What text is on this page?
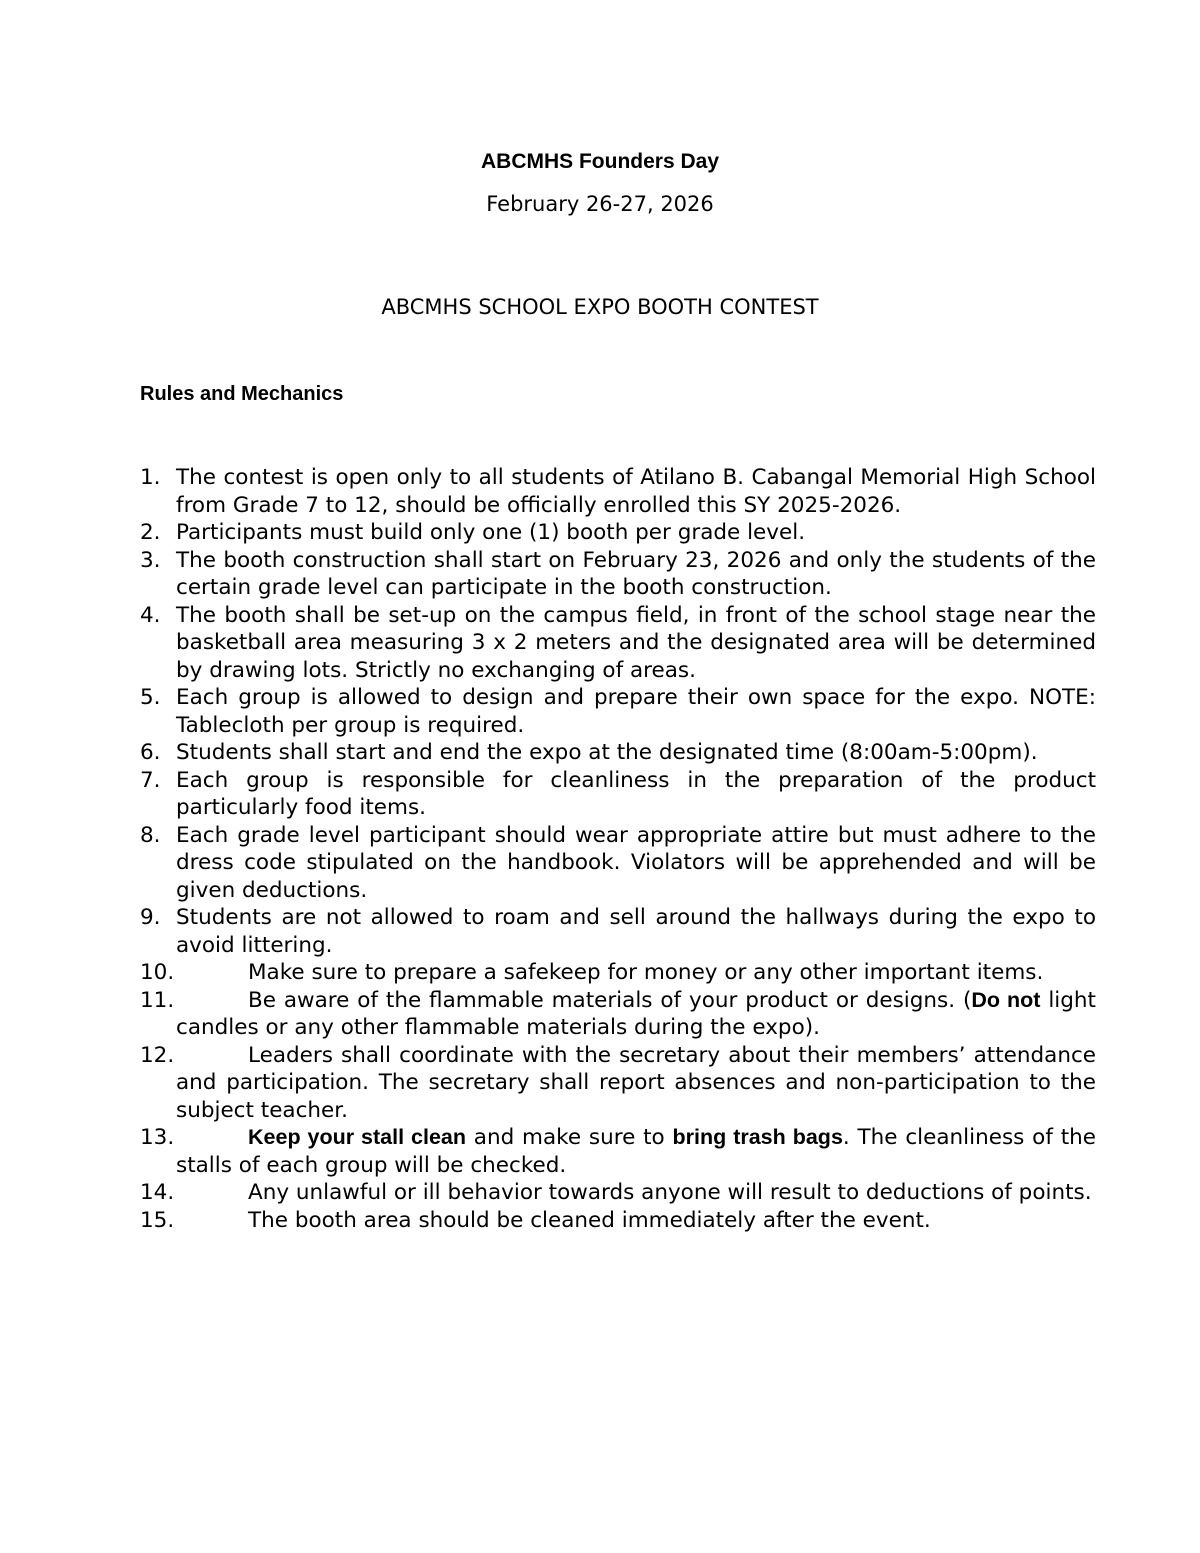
ABCMHS Founders Day
February 26-27, 2026
ABCMHS SCHOOL EXPO BOOTH CONTEST
Rules and Mechanics
1. The contest is open only to all students of Atilano B. Cabangal Memorial High School from Grade 7 to 12, should be officially enrolled this SY 2025-2026.
2. Participants must build only one (1) booth per grade level.
3. The booth construction shall start on February 23, 2026 and only the students of the certain grade level can participate in the booth construction.
4. The booth shall be set-up on the campus field, in front of the school stage near the basketball area measuring 3 x 2 meters and the designated area will be determined by drawing lots. Strictly no exchanging of areas.
5. Each group is allowed to design and prepare their own space for the expo. NOTE: Tablecloth per group is required.
6. Students shall start and end the expo at the designated time (8:00am-5:00pm).
7. Each group is responsible for cleanliness in the preparation of the product particularly food items.
8. Each grade level participant should wear appropriate attire but must adhere to the dress code stipulated on the handbook. Violators will be apprehended and will be given deductions.
9. Students are not allowed to roam and sell around the hallways during the expo to avoid littering.
10.	Make sure to prepare a safekeep for money or any other important items.
11.	Be aware of the flammable materials of your product or designs. (Do not light candles or any other flammable materials during the expo).
12.	Leaders shall coordinate with the secretary about their members’ attendance and participation. The secretary shall report absences and non-participation to the subject teacher.
13.	Keep your stall clean and make sure to bring trash bags. The cleanliness of the stalls of each group will be checked.
14.	Any unlawful or ill behavior towards anyone will result to deductions of points.
15.	The booth area should be cleaned immediately after the event.
